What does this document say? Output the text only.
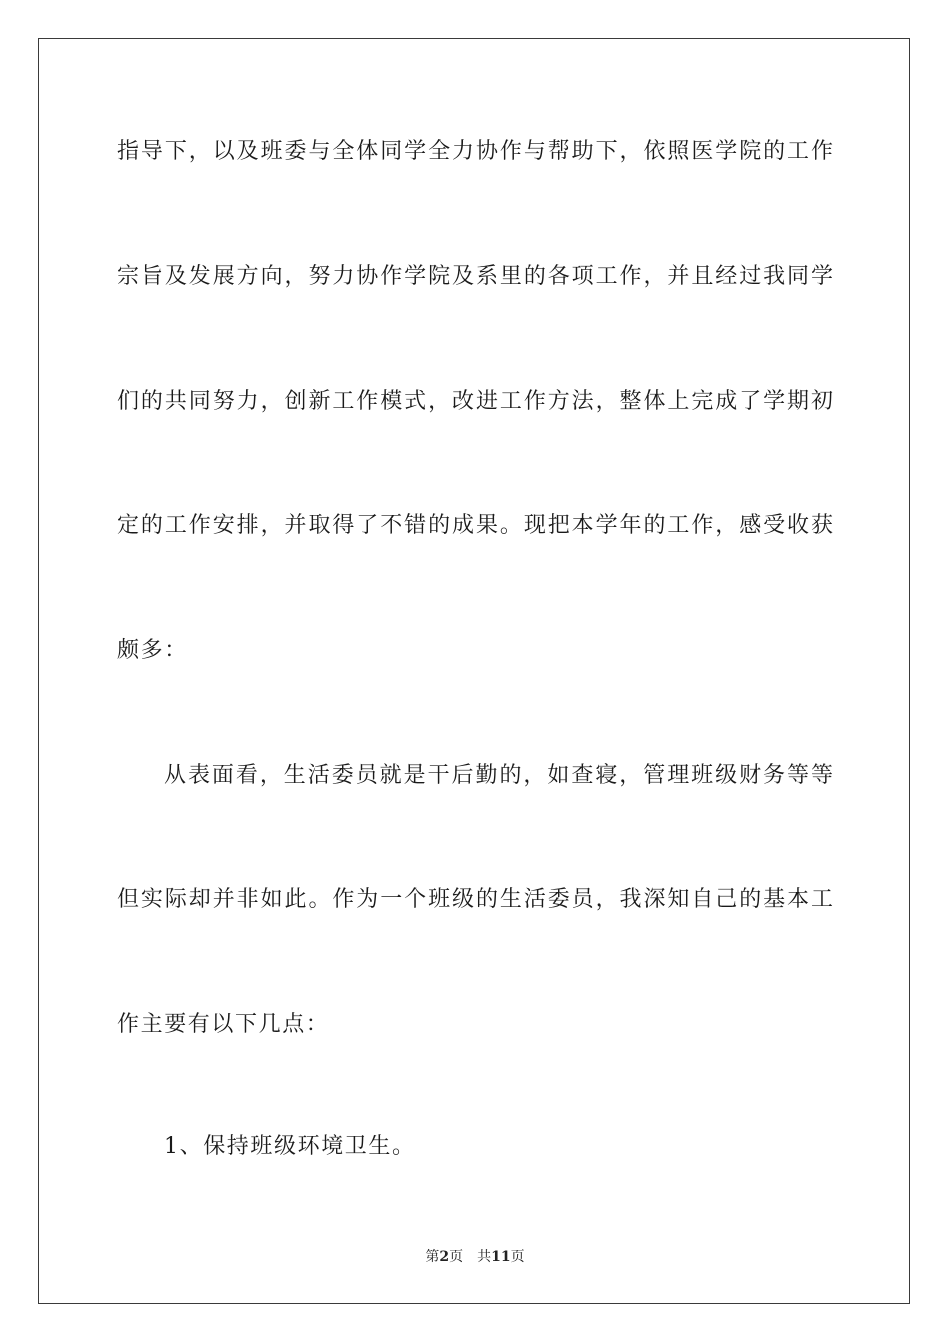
指导下，以及班委与全体同学全力协作与帮助下，依照医学院的工作
宗旨及发展方向，努力协作学院及系里的各项工作，并且经过我同学
们的共同努力，创新工作模式，改进工作方法，整体上完成了学期初
定的工作安排，并取得了不错的成果。现把本学年的工作，感受收获
颇多：
从表面看，生活委员就是干后勤的，如查寝，管理班级财务等等
但实际却并非如此。作为一个班级的生活委员，我深知自己的基本工
作主要有以下几点：
1、保持班级环境卫生。
第2页 共11页
